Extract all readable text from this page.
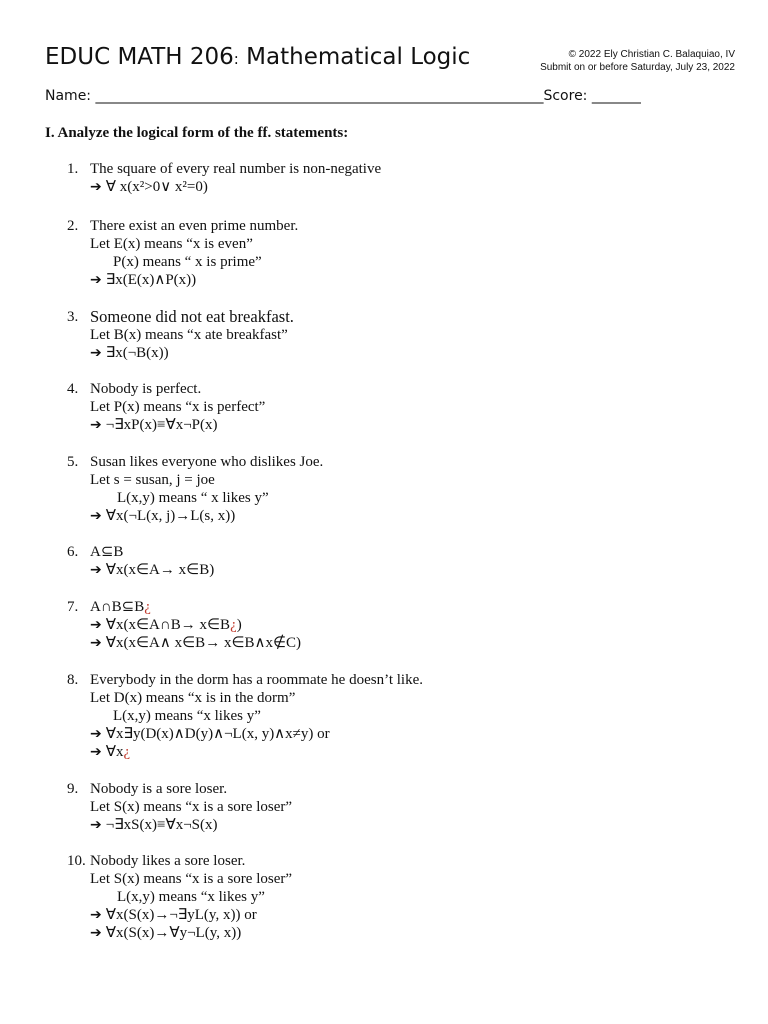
EDUC MATH 206: Mathematical Logic	© 2022 Ely Christian C. Balaquiao, IV
Submit on or before Saturday, July 23, 2022
Name: ________________________________________________________________Score: _______
I. Analyze the logical form of the ff. statements:
1. The square of every real number is non-negative
➔ ∀ x(x²>0∨ x²=0)
2. There exist an even prime number.
Let E(x) means “x is even”
P(x) means “ x is prime”
➔ ∃x(E(x)∧P(x))
3. Someone did not eat breakfast.
Let B(x) means “x ate breakfast”
➔ ∃x(¬B(x))
4. Nobody is perfect.
Let P(x) means “x is perfect”
➔ ¬∃xP(x)≡∀x¬P(x)
5. Susan likes everyone who dislikes Joe.
Let s = susan, j = joe
L(x,y) means “ x likes y”
➔ ∀x(¬L(x, j)→L(s, x))
6. A⊆B
➔ ∀x(x∈A→ x∈B)
7. A∩B⊆B¿
➔ ∀x(x∈A∩B→ x∈B¿)
➔ ∀x(x∈A∧ x∈B→ x∈B∧x∉C)
8. Everybody in the dorm has a roommate he doesn’t like.
Let D(x) means “x is in the dorm”
L(x,y) means “x likes y”
➔ ∀x∃y(D(x)∧D(y)∧¬L(x, y)∧x≠y) or
➔ ∀x¿
9. Nobody is a sore loser.
Let S(x) means “x is a sore loser”
➔ ¬∃xS(x)≡∀x¬S(x)
10. Nobody likes a sore loser.
Let S(x) means “x is a sore loser”
L(x,y) means “x likes y”
➔ ∀x(S(x)→¬∃yL(y, x)) or
➔ ∀x(S(x)→∀y¬L(y, x))
